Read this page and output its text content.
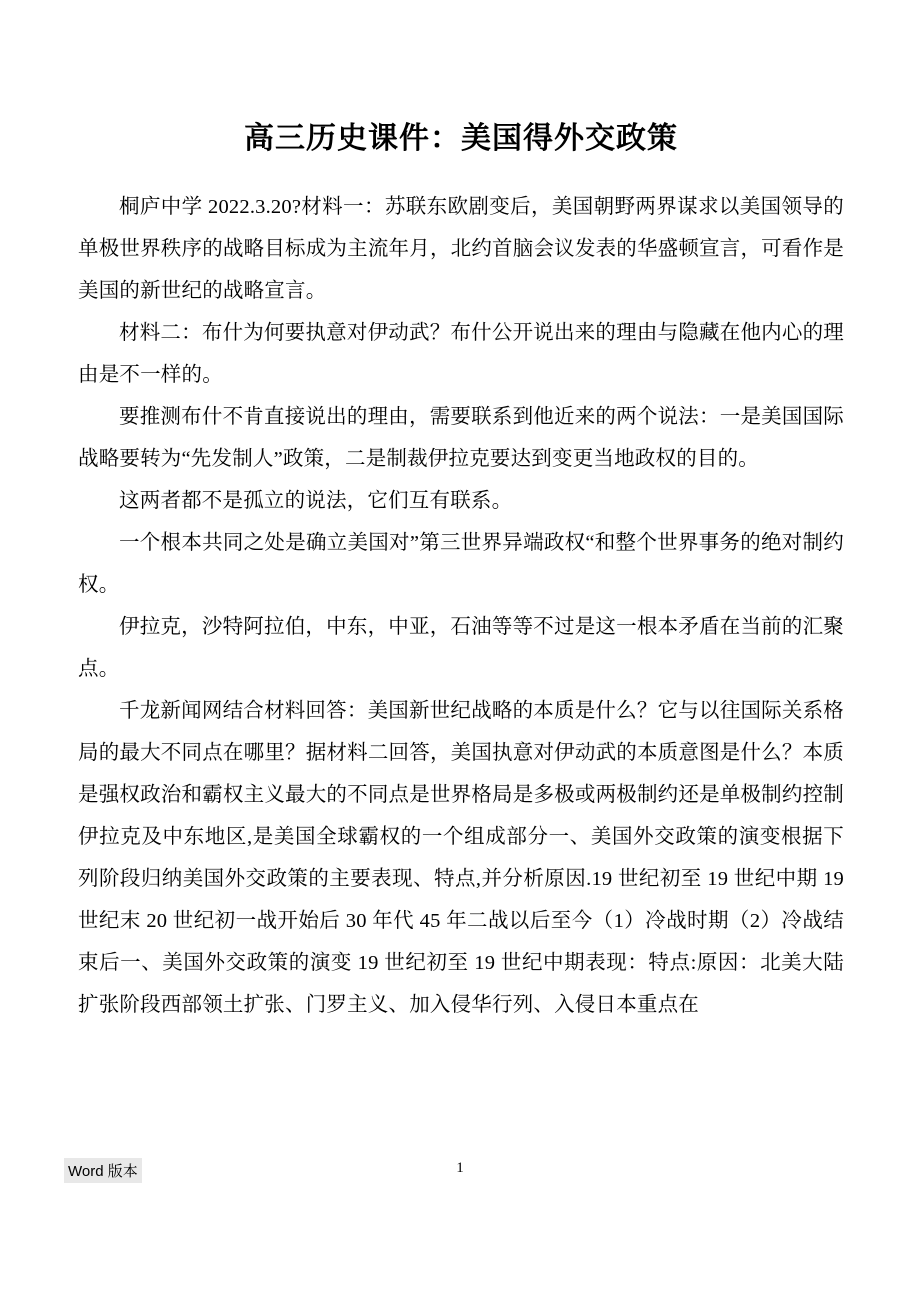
高三历史课件：美国得外交政策

桐庐中学 2022.3.20?材料一：苏联东欧剧变后，美国朝野两界谋求以美国领导的单极世界秩序的战略目标成为主流年月，北约首脑会议发表的华盛顿宣言，可看作是美国的新世纪的战略宣言。

材料二：布什为何要执意对伊动武？布什公开说出来的理由与隐藏在他内心的理由是不一样的。

要推测布什不肯直接说出的理由，需要联系到他近来的两个说法：一是美国国际战略要转为“先发制人”政策，二是制裁伊拉克要达到变更当地政权的目的。

这两者都不是孤立的说法，它们互有联系。

一个根本共同之处是确立美国对”第三世界异端政权“和整个世界事务的绝对制约权。

伊拉克，沙特阿拉伯，中东，中亚，石油等等不过是这一根本矛盾在当前的汇聚点。

千龙新闻网结合材料回答：美国新世纪战略的本质是什么？它与以往国际关系格局的最大不同点在哪里？据材料二回答，美国执意对伊动武的本质意图是什么？本质是强权政治和霸权主义最大的不同点是世界格局是多极或两极制约还是单极制约控制伊拉克及中东地区,是美国全球霸权的一个组成部分一、美国外交政策的演变根据下列阶段归纳美国外交政策的主要表现、特点,并分析原因.19 世纪初至 19 世纪中期 19 世纪末 20 世纪初一战开始后 30 年代 45 年二战以后至今（1）冷战时期（2）冷战结束后一、美国外交政策的演变 19 世纪初至 19 世纪中期表现：特点:原因：北美大陆扩张阶段西部领土扩张、门罗主义、加入侵华行列、入侵日本重点在

Word 版本	1
